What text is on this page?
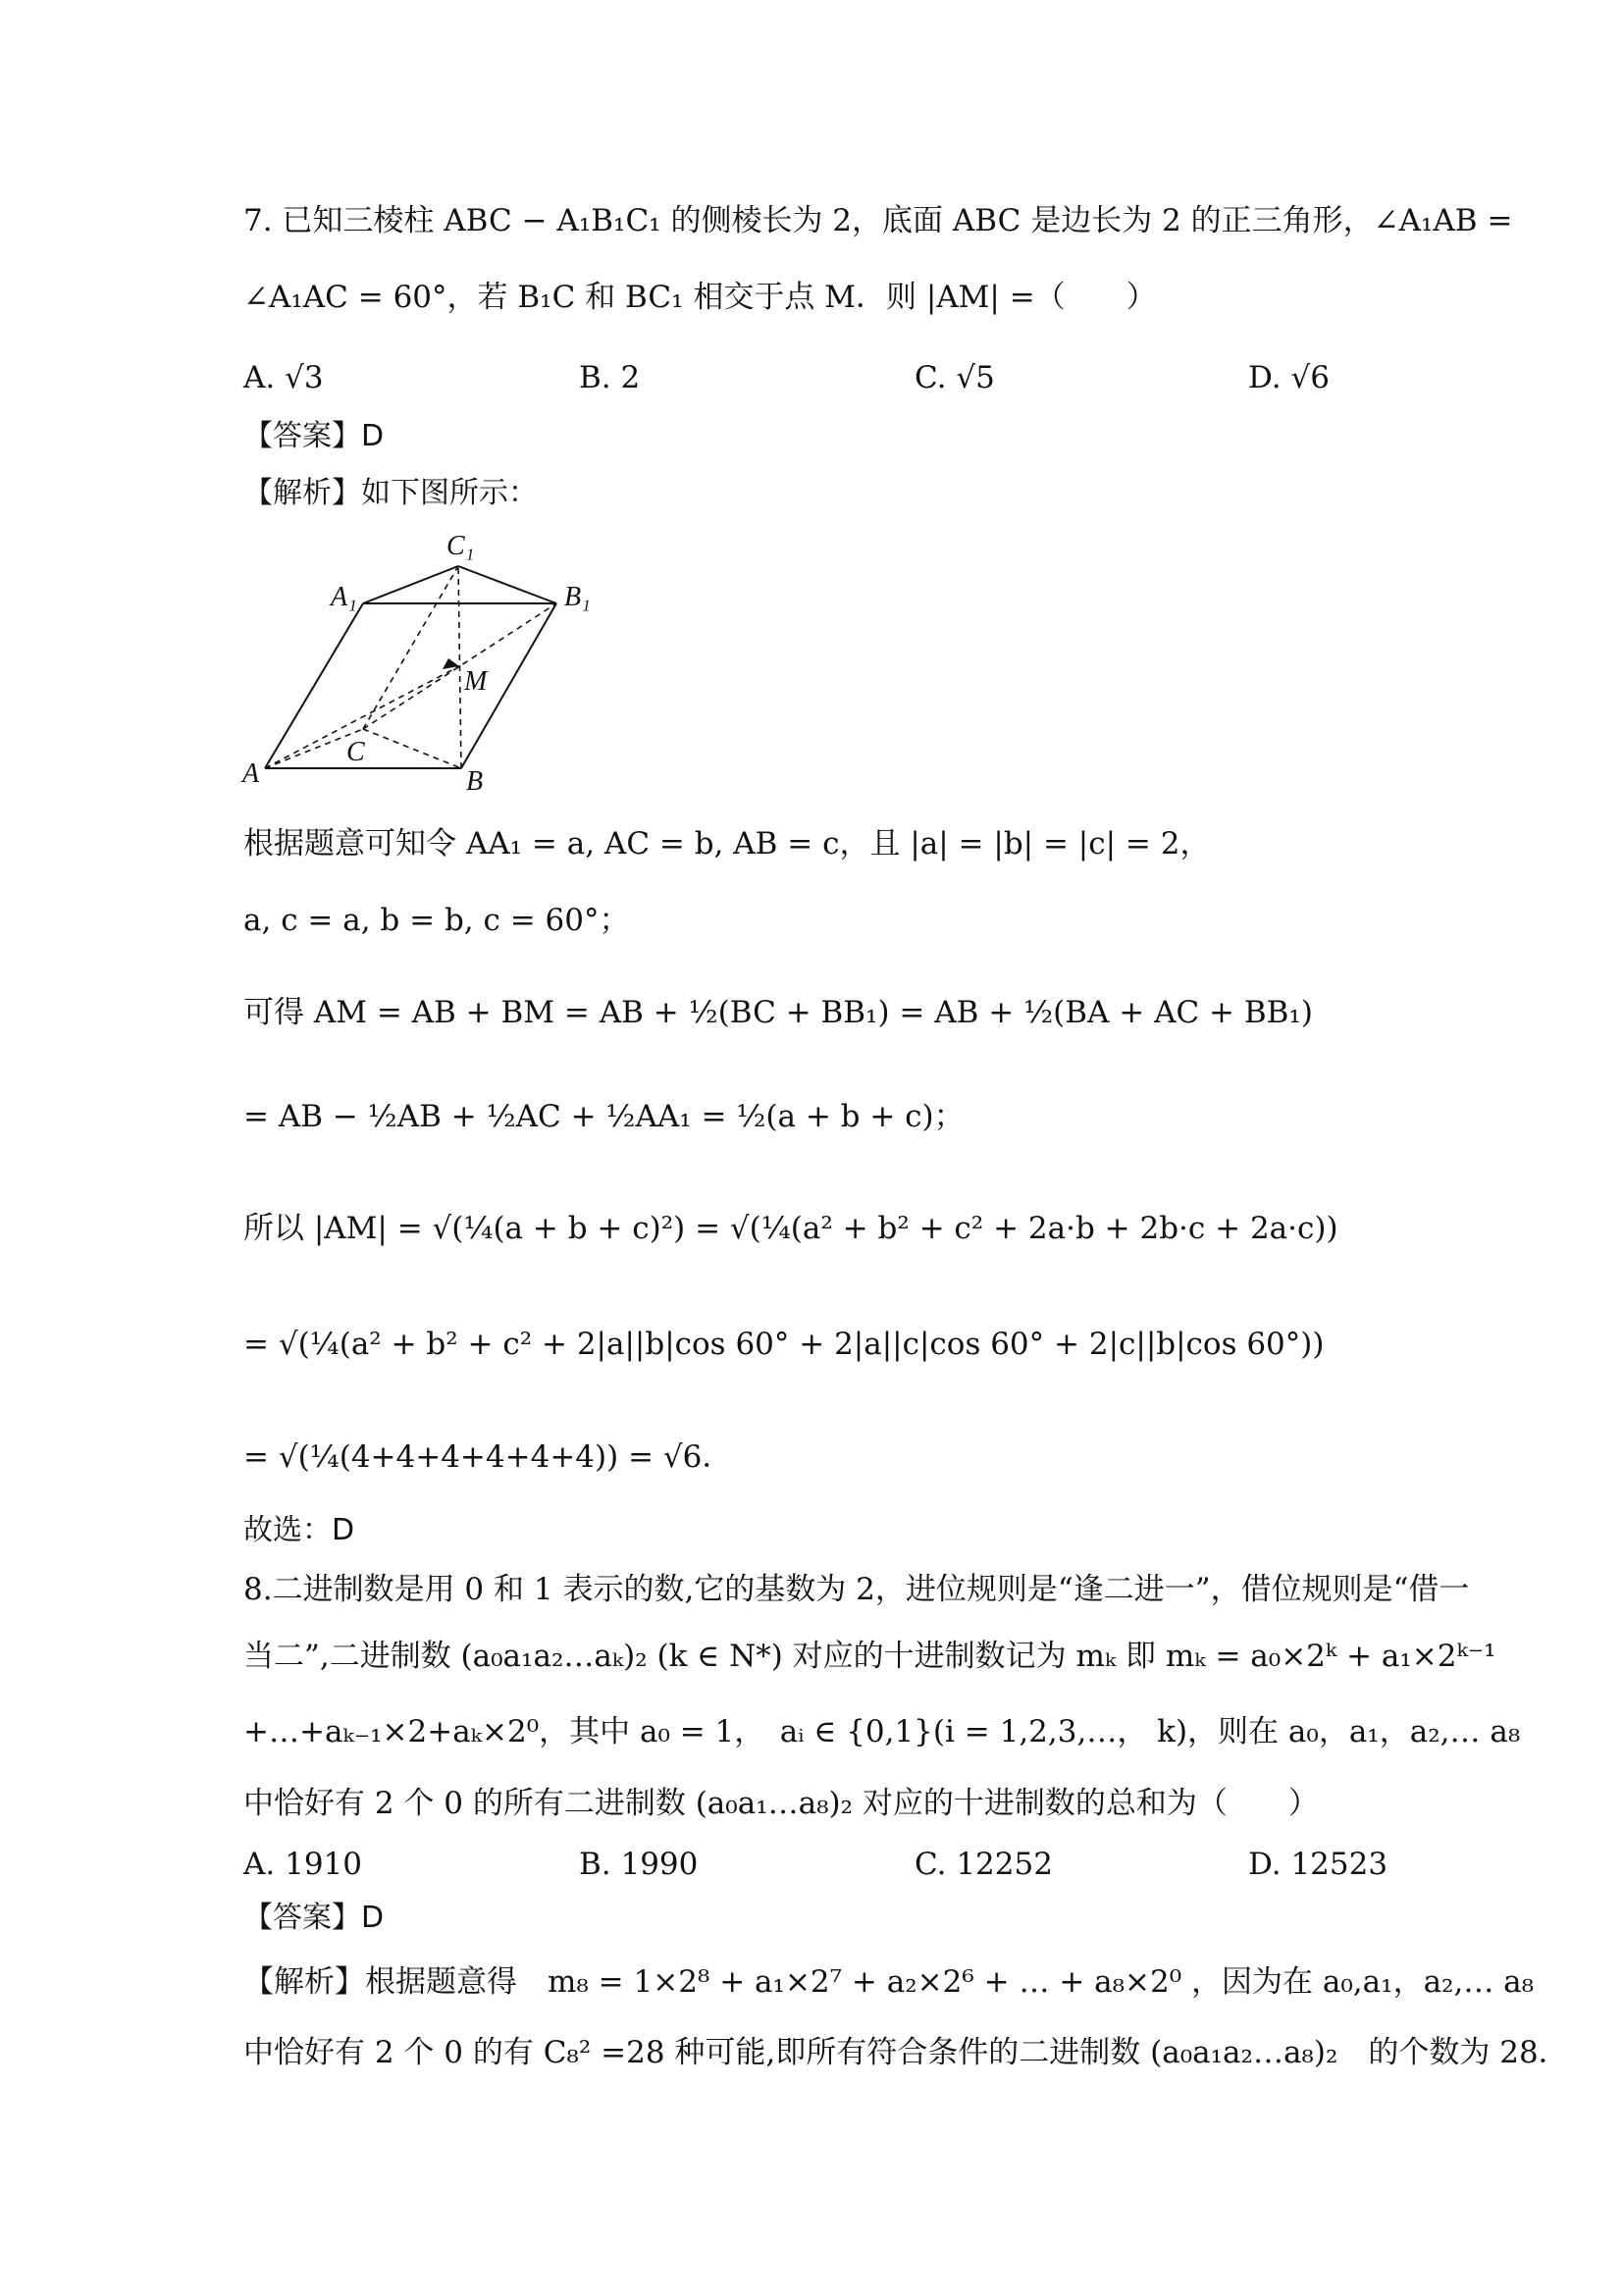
7. 已知三棱柱 ABC − A₁B₁C₁ 的侧棱长为 2，底面 ABC 是边长为 2 的正三角形，∠A₁AB =
∠A₁AC = 60°，若 B₁C 和 BC₁ 相交于点 M．则 |AM| =（　　）
A. √3	B. 2	C. √5	D. √6
【答案】D
【解析】如下图所示：
C₁
A₁	B₁
M
A
C
B
根据题意可知令 AA₁ = a, AC = b, AB = c，且 |a| = |b| = |c| = 2，
a, c = a, b = b, c = 60°；
可得 AM = AB + BM = AB + ½(BC + BB₁) = AB + ½(BA + AC + BB₁)
= AB − ½AB + ½AC + ½AA₁ = ½(a + b + c)；
所以 |AM| = √(¼(a + b + c)²) = √(¼(a² + b² + c² + 2a·b + 2b·c + 2a·c))
= √(¼(a² + b² + c² + 2|a||b|cos 60° + 2|a||c|cos 60° + 2|c||b|cos 60°))
= √(¼(4+4+4+4+4+4)) = √6．
故选：D
8.二进制数是用 0 和 1 表示的数,它的基数为 2，进位规则是“逢二进一”，借位规则是“借一
当二”,二进制数 (a₀a₁a₂…aₖ)₂ (k ∈ N*) 对应的十进制数记为 mₖ 即 mₖ = a₀×2ᵏ + a₁×2ᵏ⁻¹
+…+aₖ₋₁×2+aₖ×2⁰，其中 a₀ = 1，　aᵢ ∈ {0,1}(i = 1,2,3,…， k)，则在 a₀，a₁，a₂,… a₈
中恰好有 2 个 0 的所有二进制数 (a₀a₁…a₈)₂ 对应的十进制数的总和为（　　）
A. 1910	B. 1990	C. 12252	D. 12523
【答案】D
【解析】根据题意得　m₈ = 1×2⁸ + a₁×2⁷ + a₂×2⁶ + … + a₈×2⁰ ，因为在 a₀,a₁，a₂,… a₈
中恰好有 2 个 0 的有 C₈² =28 种可能,即所有符合条件的二进制数 (a₀a₁a₂…a₈)₂　的个数为 28．
